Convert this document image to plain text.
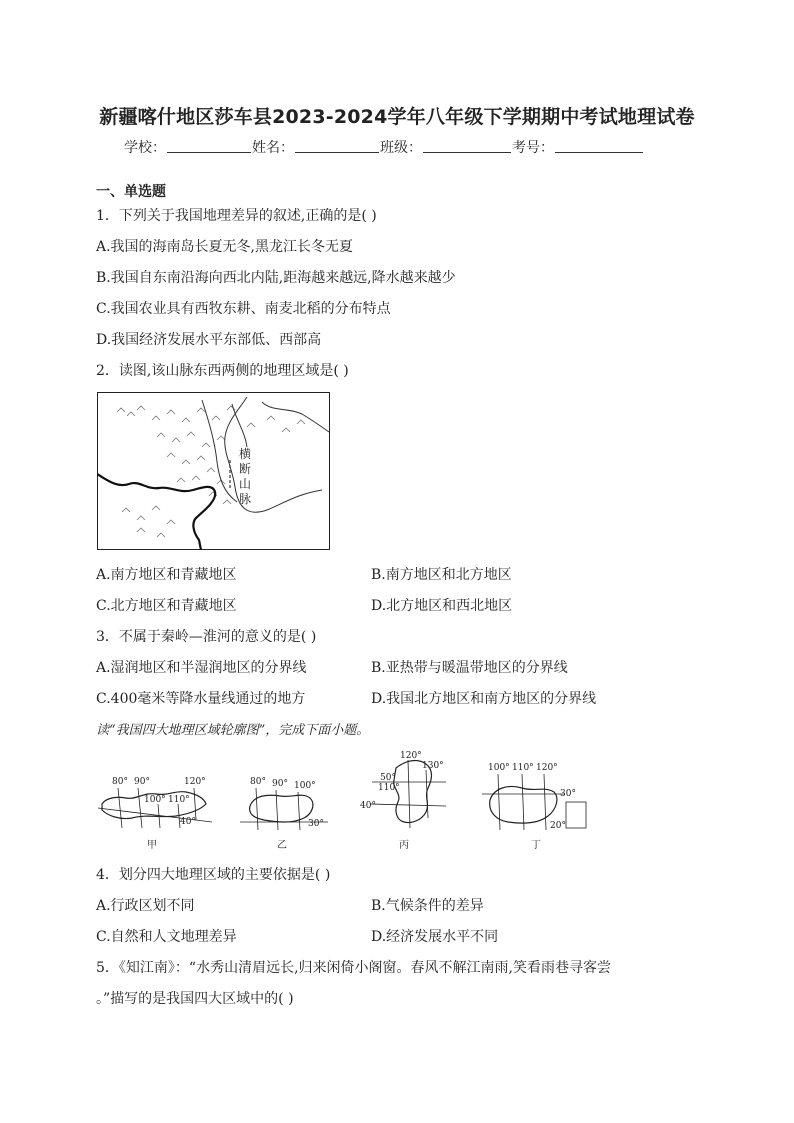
新疆喀什地区莎车县2023-2024学年八年级下学期期中考试地理试卷
学校：	姓名：	班级：	考号：
一、单选题
1．下列关于我国地理差异的叙述,正确的是( )
A.我国的海南岛长夏无冬,黑龙江长冬无夏
B.我国自东南沿海向西北内陆,距海越来越远,降水越来越少
C.我国农业具有西牧东耕、南麦北稻的分布特点
D.我国经济发展水平东部低、西部高
2．读图,该山脉东西两侧的地理区域是( )
横
断
山
脉
A.南方地区和青藏地区	B.南方地区和北方地区
C.北方地区和青藏地区	D.北方地区和西北地区
3．不属于秦岭—淮河的意义的是( )
A.湿润地区和半湿润地区的分界线	B.亚热带与暖温带地区的分界线
C.400毫米等降水量线通过的地方	D.我国北方地区和南方地区的分界线
读“我国四大地理区域轮廓图”，完成下面小题。
80° 90°
100° 110°
120°
40°
甲
80° 90° 100°
30°
乙
120°
130°
50°
110°
40°
丙
100° 110° 120°
30°
20°
丁
4．划分四大地理区域的主要依据是( )
A.行政区划不同	B.气候条件的差异
C.自然和人文地理差异	D.经济发展水平不同
5．《知江南》：“水秀山清眉远长,归来闲倚小阁窗。春风不解江南雨,笑看雨巷寻客尝
。”描写的是我国四大区域中的( )
